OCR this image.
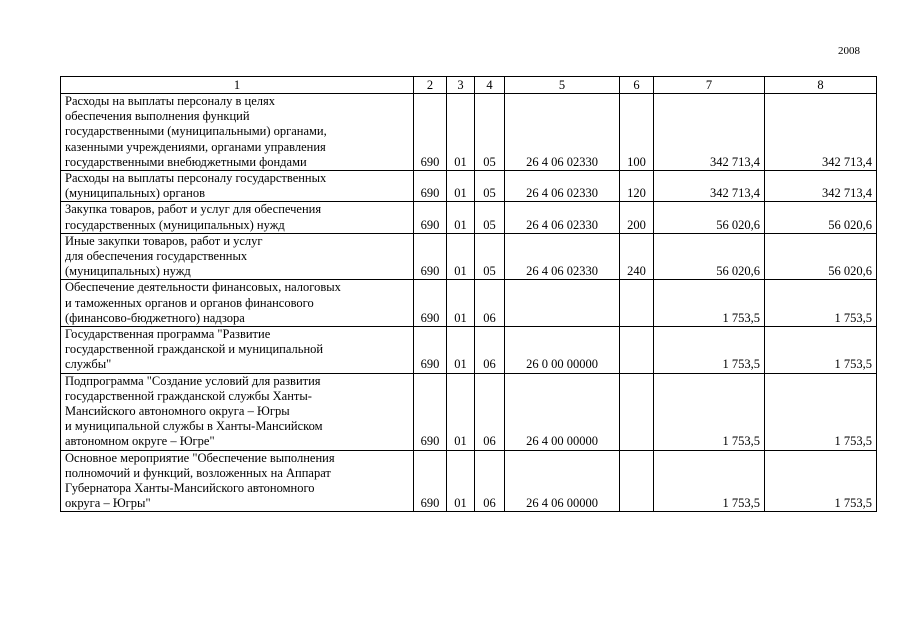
2008
1	2	3	4	5	6	7	8

Расходы на выплаты персоналу в целях
обеспечения выполнения функций
государственными (муниципальными) органами,
казенными учреждениями, органами управления
государственными внебюджетными фондами	690	01	05	26 4 06 02330	100	342 713,4	342 713,4

Расходы на выплаты персоналу государственных
(муниципальных) органов	690	01	05	26 4 06 02330	120	342 713,4	342 713,4

Закупка товаров, работ и услуг для обеспечения
государственных (муниципальных) нужд	690	01	05	26 4 06 02330	200	56 020,6	56 020,6

Иные закупки товаров, работ и услуг
для обеспечения государственных
(муниципальных) нужд	690	01	05	26 4 06 02330	240	56 020,6	56 020,6

Обеспечение деятельности финансовых, налоговых
и таможенных органов и органов финансового
(финансово-бюджетного) надзора	690	01	06			1 753,5	1 753,5

Государственная программа "Развитие
государственной гражданской и муниципальной
службы"	690	01	06	26 0 00 00000		1 753,5	1 753,5

Подпрограмма "Создание условий для развития
государственной гражданской службы Ханты-
Мансийского автономного округа – Югры
и муниципальной службы в Ханты-Мансийском
автономном округе – Югре"	690	01	06	26 4 00 00000		1 753,5	1 753,5

Основное мероприятие "Обеспечение выполнения
полномочий и функций, возложенных на Аппарат
Губернатора Ханты-Мансийского автономного
округа – Югры"	690	01	06	26 4 06 00000		1 753,5	1 753,5
